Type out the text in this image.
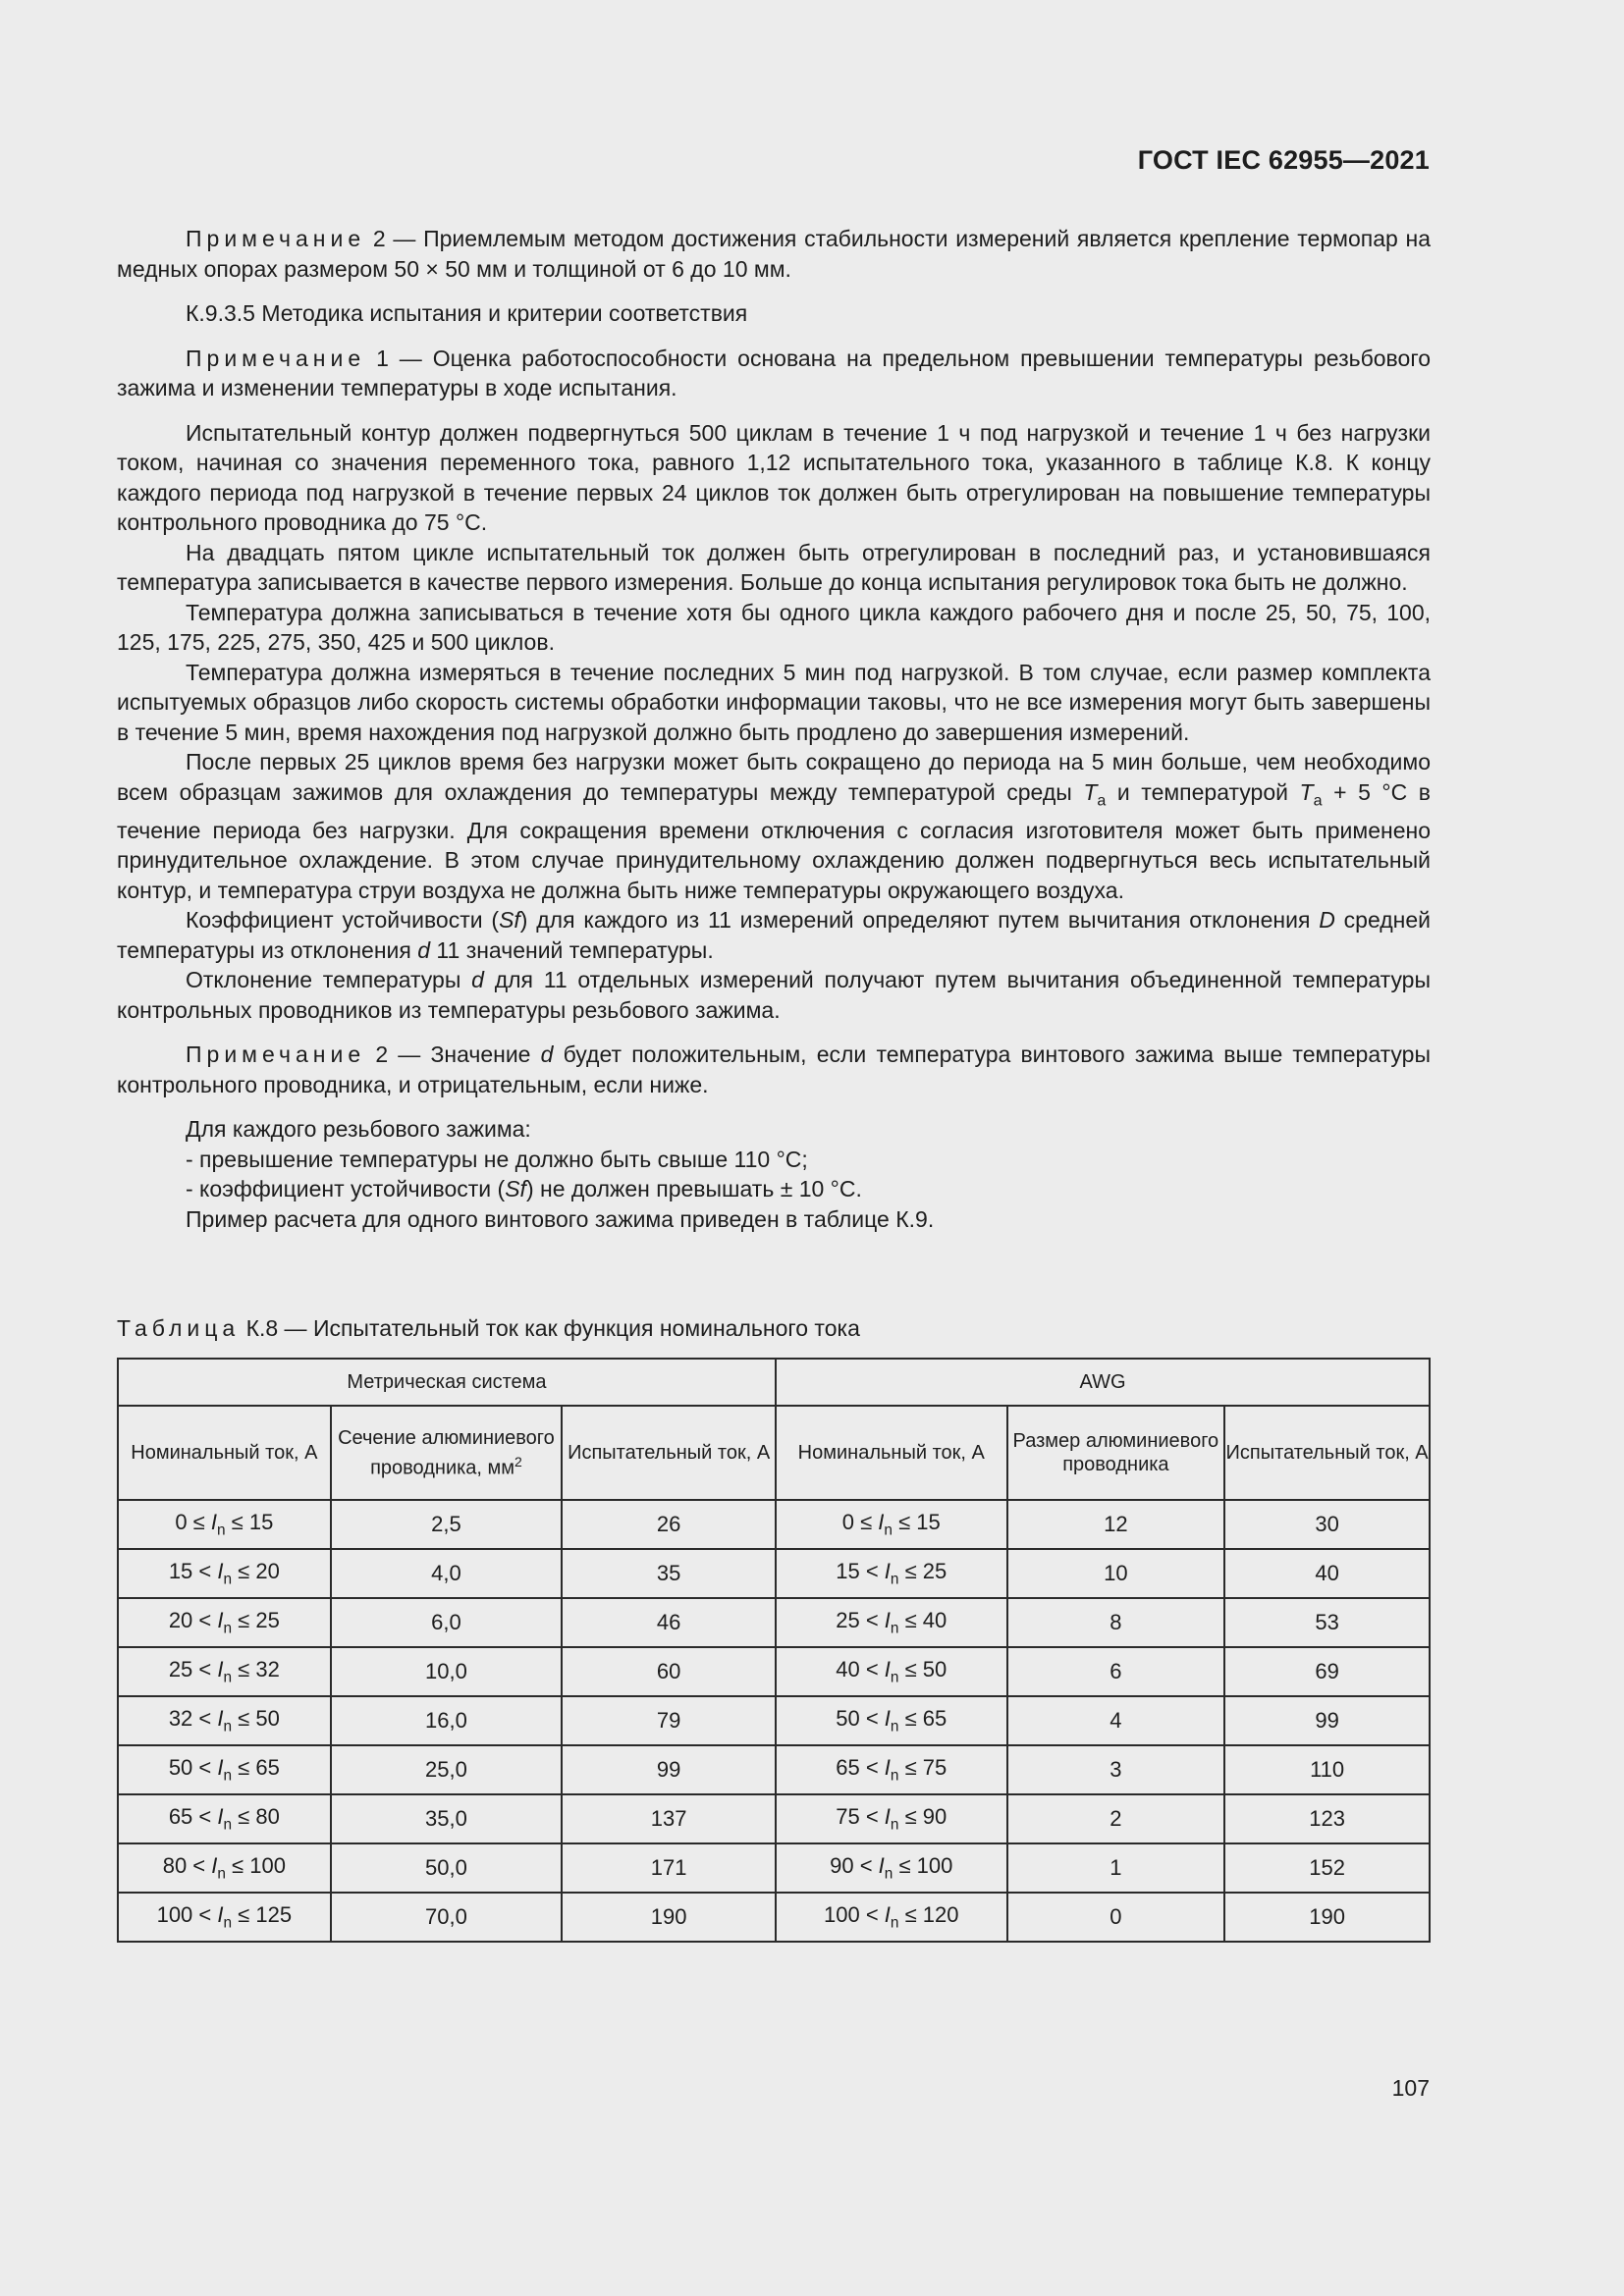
ГОСТ IEC 62955—2021

Примечание 2 — Приемлемым методом достижения стабильности измерений является крепление термопар на медных опорах размером 50 × 50 мм и толщиной от 6 до 10 мм.

К.9.3.5 Методика испытания и критерии соответствия

Примечание 1 — Оценка работоспособности основана на предельном превышении температуры резьбового зажима и изменении температуры в ходе испытания.

Испытательный контур должен подвергнуться 500 циклам в течение 1 ч под нагрузкой и течение 1 ч без нагрузки током, начиная со значения переменного тока, равного 1,12 испытательного тока, указанного в таблице К.8. К концу каждого периода под нагрузкой в течение первых 24 циклов ток должен быть отрегулирован на повышение температуры контрольного проводника до 75 °С.

На двадцать пятом цикле испытательный ток должен быть отрегулирован в последний раз, и установившаяся температура записывается в качестве первого измерения. Больше до конца испытания регулировок тока быть не должно.

Температура должна записываться в течение хотя бы одного цикла каждого рабочего дня и после 25, 50, 75, 100, 125, 175, 225, 275, 350, 425 и 500 циклов.

Температура должна измеряться в течение последних 5 мин под нагрузкой. В том случае, если размер комплекта испытуемых образцов либо скорость системы обработки информации таковы, что не все измерения могут быть завершены в течение 5 мин, время нахождения под нагрузкой должно быть продлено до завершения измерений.

После первых 25 циклов время без нагрузки может быть сокращено до периода на 5 мин больше, чем необходимо всем образцам зажимов для охлаждения до температуры между температурой среды $T_a$ и температурой $T_a + 5$ °С в течение периода без нагрузки. Для сокращения времени отключения с согласия изготовителя может быть применено принудительное охлаждение. В этом случае принудительному охлаждению должен подвергнуться весь испытательный контур, и температура струи воздуха не должна быть ниже температуры окружающего воздуха.

Коэффициент устойчивости (Sf) для каждого из 11 измерений определяют путем вычитания отклонения D средней температуры из отклонения d 11 значений температуры.

Отклонение температуры d для 11 отдельных измерений получают путем вычитания объединенной температуры контрольных проводников из температуры резьбового зажима.

Примечание 2 — Значение d будет положительным, если температура винтового зажима выше температуры контрольного проводника, и отрицательным, если ниже.

Для каждого резьбового зажима:
- превышение температуры не должно быть свыше 110 °С;
- коэффициент устойчивости (Sf) не должен превышать ± 10 °С.
Пример расчета для одного винтового зажима приведен в таблице К.9.
Таблица К.8 — Испытательный ток как функция номинального тока
Метрическая система			AWG		
Номинальный ток, А	Сечение алюминиевого проводника, $мм^2$	Испытательный ток, А	Номинальный ток, А	Размер алюминиевого проводника	Испытательный ток, А
$0 \le I_n \le 15$	2,5	26	$0 \le I_n \le 15$	12	30
$15 < I_n \le 20$	4,0	35	$15 < I_n \le 25$	10	40
$20 < I_n \le 25$	6,0	46	$25 < I_n \le 40$	8	53
$25 < I_n \le 32$	10,0	60	$40 < I_n \le 50$	6	69
$32 < I_n \le 50$	16,0	79	$50 < I_n \le 65$	4	99
$50 < I_n \le 65$	25,0	99	$65 < I_n \le 75$	3	110
$65 < I_n \le 80$	35,0	137	$75 < I_n \le 90$	2	123
$80 < I_n \le 100$	50,0	171	$90 < I_n \le 100$	1	152
$100 < I_n \le 125$	70,0	190	$100 < I_n \le 120$	0	190
107
